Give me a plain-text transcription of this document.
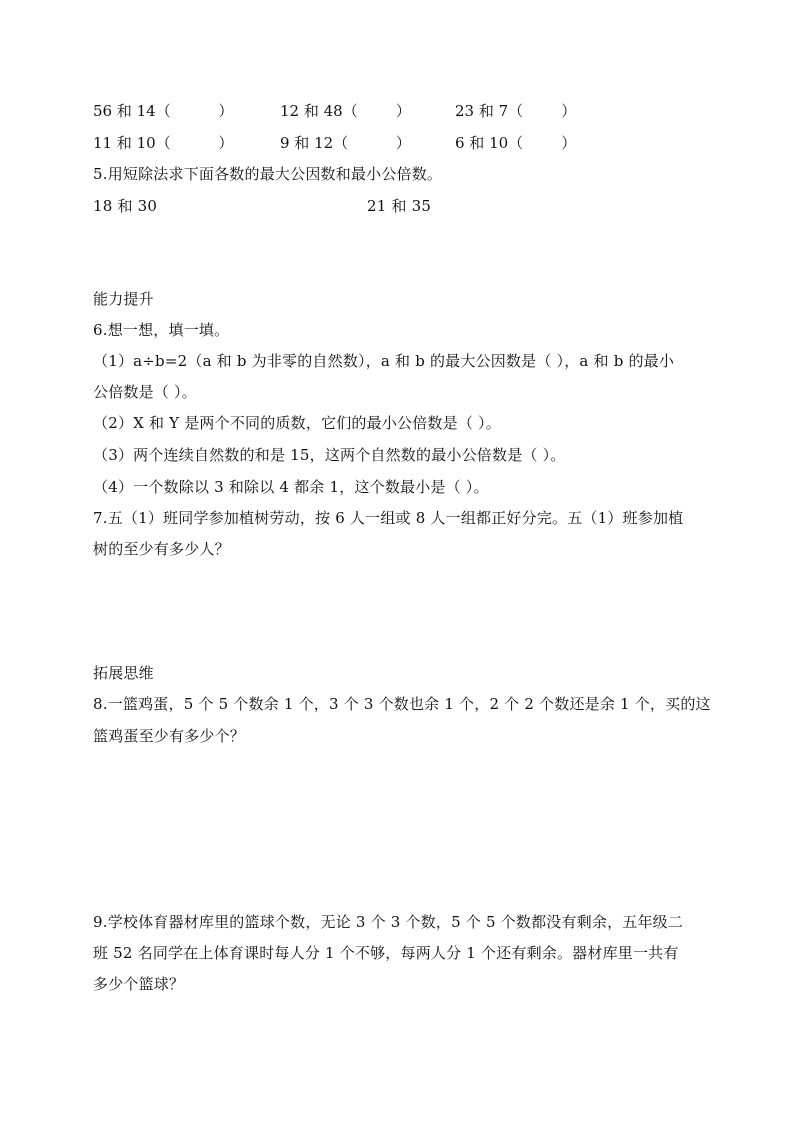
56 和 14（          ）	12 和 48（        ）	23 和 7（        ）
11 和 10（          ）	9 和 12（          ）	6 和 10（        ）
5.用短除法求下面各数的最大公因数和最小公倍数。
18 和 30	21 和 35
能力提升
6.想一想，填一填。
（1）a÷b=2（a 和 b 为非零的自然数），a 和 b 的最大公因数是（ ），a 和 b 的最小
公倍数是（ ）。
（2）X 和 Y 是两个不同的质数，它们的最小公倍数是（ ）。
（3）两个连续自然数的和是 15，这两个自然数的最小公倍数是（ ）。
（4）一个数除以 3 和除以 4 都余 1，这个数最小是（ ）。
7.五（1）班同学参加植树劳动，按 6 人一组或 8 人一组都正好分完。五（1）班参加植
树的至少有多少人？
拓展思维
8.一篮鸡蛋，5 个 5 个数余 1 个，3 个 3 个数也余 1 个，2 个 2 个数还是余 1 个，买的这
篮鸡蛋至少有多少个？
9.学校体育器材库里的篮球个数，无论 3 个 3 个数，5 个 5 个数都没有剩余，五年级二
班 52 名同学在上体育课时每人分 1 个不够，每两人分 1 个还有剩余。器材库里一共有
多少个篮球？
